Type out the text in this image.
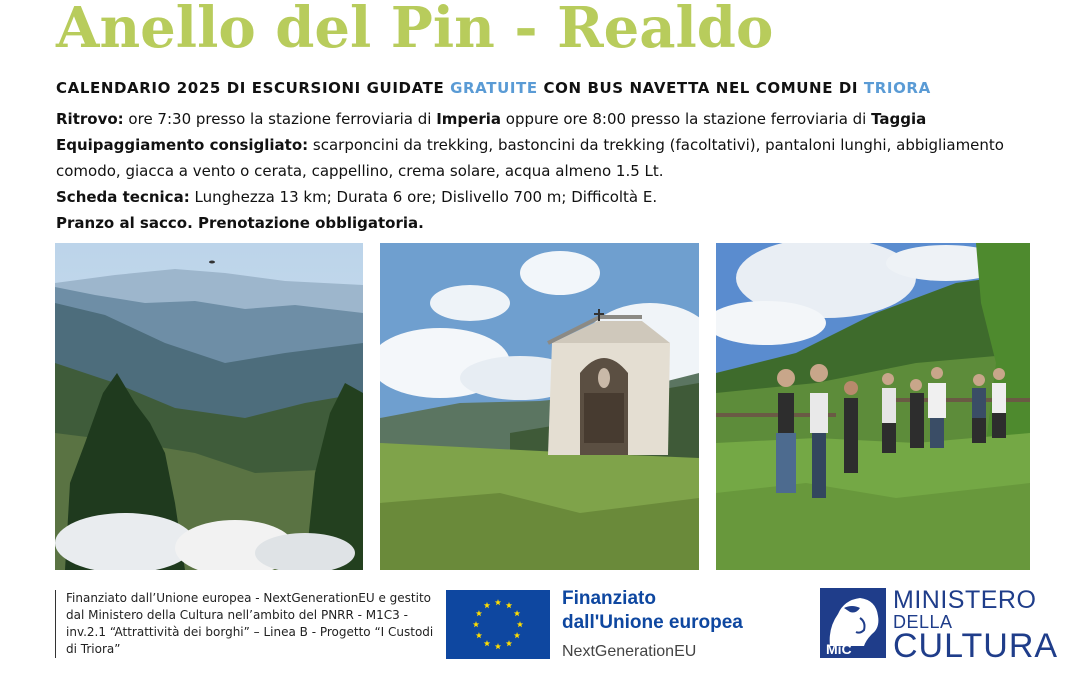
Anello del Pin - Realdo
CALENDARIO 2025 DI ESCURSIONI GUIDATE GRATUITE CON BUS NAVETTA NEL COMUNE DI TRIORA

Ritrovo: ore 7:30 presso la stazione ferroviaria di Imperia oppure ore 8:00 presso la stazione ferroviaria di Taggia

Equipaggiamento consigliato: scarponcini da trekking, bastoncini da trekking (facoltativi), pantaloni lunghi, abbigliamento comodo, giacca a vento o cerata, cappellino, crema solare, acqua almeno 1.5 Lt.

Scheda tecnica: Lunghezza 13 km; Durata 6 ore; Dislivello 700 m; Difficoltà E.

Pranzo al sacco. Prenotazione obbligatoria.

Finanziato dall’Unione europea - NextGenerationEU e gestito dal Ministero della Cultura nell’ambito del PNRR - M1C3 - inv.2.1 “Attrattività dei borghi” – Linea B - Progetto “I Custodi di Triora”
Finanziato
dall'Unione europea
NextGenerationEU	MiC
MINISTERO
DELLA
CULTURA
